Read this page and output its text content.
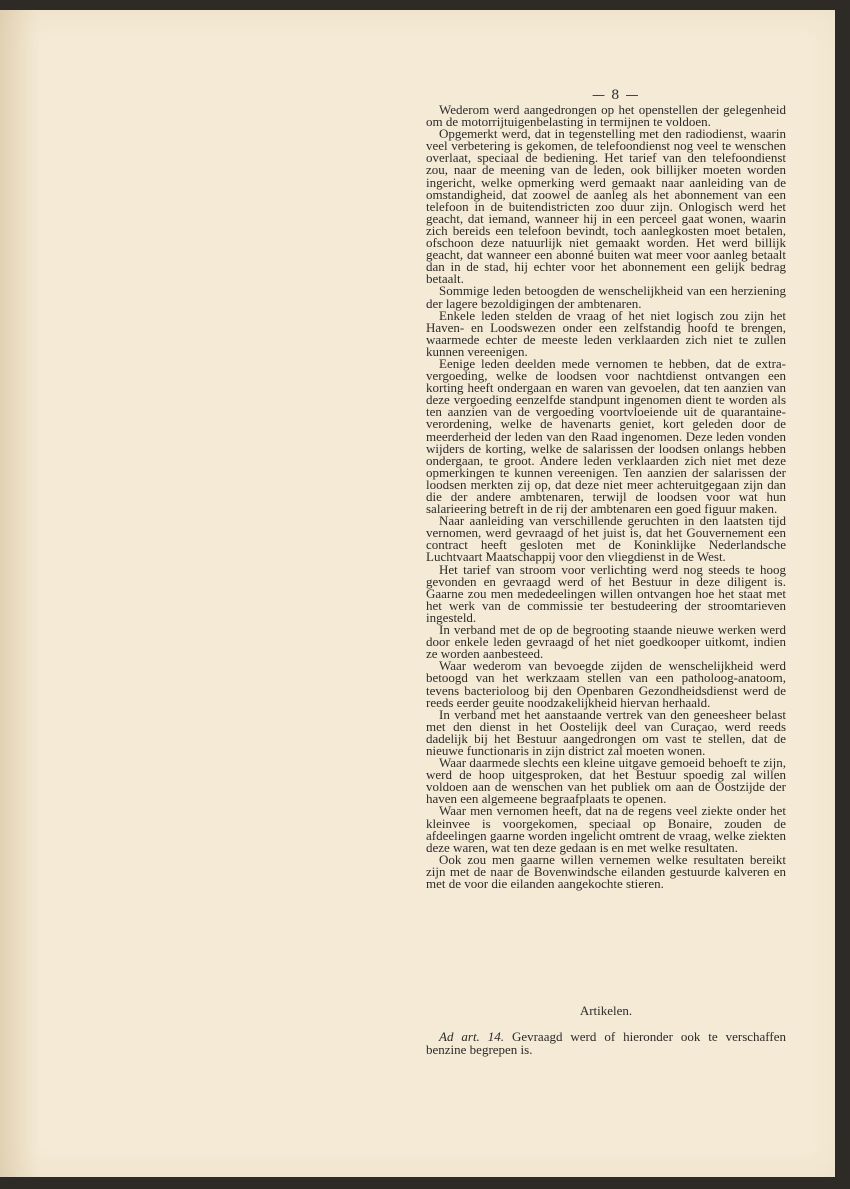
— 8 —

Wederom werd aangedrongen op het openstellen der gelegenheid om de motorrijtuigenbelasting in termijnen te voldoen.

Opgemerkt werd, dat in tegenstelling met den radiodienst, waarin veel verbetering is gekomen, de telefoondienst nog veel te wenschen overlaat, speciaal de bediening. Het tarief van den telefoondienst zou, naar de meening van de leden, ook billijker moeten worden ingericht, welke opmerking werd gemaakt naar aanleiding van de omstandigheid, dat zoowel de aanleg als het abonnement van een telefoon in de buitendistricten zoo duur zijn. Onlogisch werd het geacht, dat iemand, wanneer hij in een perceel gaat wonen, waarin zich bereids een telefoon bevindt, toch aanlegkosten moet betalen, ofschoon deze natuurlijk niet gemaakt worden. Het werd billijk geacht, dat wanneer een abonné buiten wat meer voor aanleg betaalt dan in de stad, hij echter voor het abonnement een gelijk bedrag betaalt.

Sommige leden betoogden de wenschelijkheid van een herziening der lagere bezoldigingen der ambtenaren.

Enkele leden stelden de vraag of het niet logisch zou zijn het Haven- en Loodswezen onder een zelfstandig hoofd te brengen, waarmede echter de meeste leden verklaarden zich niet te zullen kunnen vereenigen.

Eenige leden deelden mede vernomen te hebben, dat de extra-vergoeding, welke de loodsen voor nachtdienst ontvangen een korting heeft ondergaan en waren van gevoelen, dat ten aanzien van deze vergoeding eenzelfde standpunt ingenomen dient te worden als ten aanzien van de vergoeding voortvloeiende uit de quarantaine-verordening, welke de havenarts geniet, kort geleden door de meerderheid der leden van den Raad ingenomen. Deze leden vonden wijders de korting, welke de salarissen der loodsen onlangs hebben ondergaan, te groot. Andere leden verklaarden zich niet met deze opmerkingen te kunnen vereenigen. Ten aanzien der salarissen der loodsen merkten zij op, dat deze niet meer achteruitgegaan zijn dan die der andere ambtenaren, terwijl de loodsen voor wat hun salarieering betreft in de rij der ambtenaren een goed figuur maken.

Naar aanleiding van verschillende geruchten in den laatsten tijd vernomen, werd gevraagd of het juist is, dat het Gouvernement een contract heeft gesloten met de Koninklijke Nederlandsche Luchtvaart Maatschappij voor den vliegdienst in de West.

Het tarief van stroom voor verlichting werd nog steeds te hoog gevonden en gevraagd werd of het Bestuur in deze diligent is. Gaarne zou men mededeelingen willen ontvangen hoe het staat met het werk van de commissie ter bestudeering der stroomtarieven ingesteld.

In verband met de op de begrooting staande nieuwe werken werd door enkele leden gevraagd of het niet goedkooper uitkomt, indien ze worden aanbesteed.

Waar wederom van bevoegde zijden de wenschelijkheid werd betoogd van het werkzaam stellen van een patholoog-anatoom, tevens bacterioloog bij den Openbaren Gezondheidsdienst werd de reeds eerder geuite noodzakelijkheid hiervan herhaald.

In verband met het aanstaande vertrek van den geneesheer belast met den dienst in het Oostelijk deel van Curaçao, werd reeds dadelijk bij het Bestuur aangedrongen om vast te stellen, dat de nieuwe functionaris in zijn district zal moeten wonen.

Waar daarmede slechts een kleine uitgave gemoeid behoeft te zijn, werd de hoop uitgesproken, dat het Bestuur spoedig zal willen voldoen aan de wenschen van het publiek om aan de Oostzijde der haven een algemeene begraafplaats te openen.

Waar men vernomen heeft, dat na de regens veel ziekte onder het kleinvee is voorgekomen, speciaal op Bonaire, zouden de afdeelingen gaarne worden ingelicht omtrent de vraag, welke ziekten deze waren, wat ten deze gedaan is en met welke resultaten.

Ook zou men gaarne willen vernemen welke resultaten bereikt zijn met de naar de Bovenwindsche eilanden gestuurde kalveren en met de voor die eilanden aangekochte stieren.

Artikelen.

Ad art. 14. Gevraagd werd of hieronder ook te verschaffen benzine begrepen is.
